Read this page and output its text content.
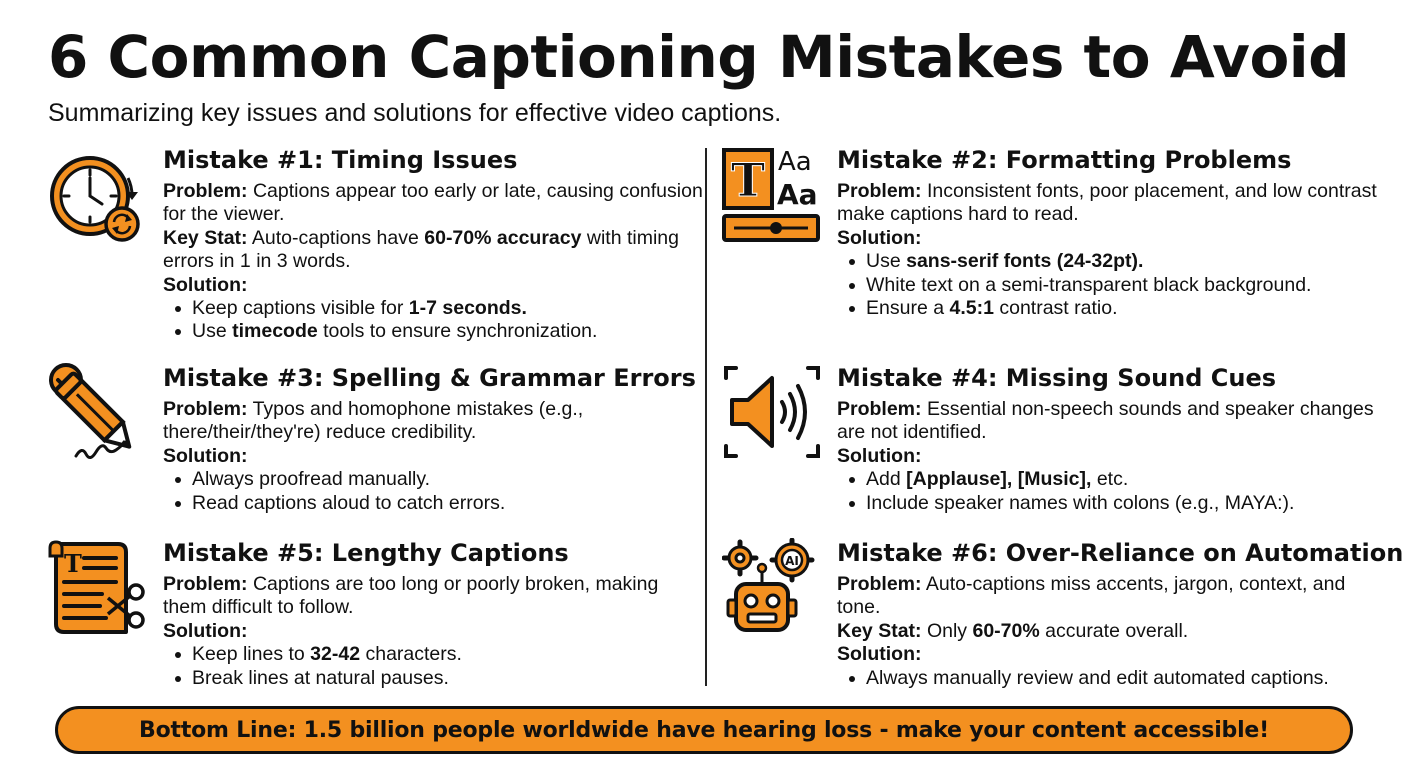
6 Common Captioning Mistakes to Avoid
Summarizing key issues and solutions for effective video captions.
Mistake #1: Timing Issues

Problem: Captions appear too early or late, causing confusion for the viewer.

Key Stat: Auto-captions have 60-70% accuracy with timing errors in 1 in 3 words.

Solution:

Keep captions visible for 1-7 seconds.
Use timecode tools to ensure synchronization.
T Aa
Aa
Mistake #2: Formatting Problems

Problem: Inconsistent fonts, poor placement, and low contrast make captions hard to read.

Solution:

Use sans-serif fonts (24-32pt).
White text on a semi-transparent black background.
Ensure a 4.5:1 contrast ratio.
Mistake #3: Spelling & Grammar Errors

Problem: Typos and homophone mistakes (e.g., there/their/they're) reduce credibility.

Solution:

Always proofread manually.
Read captions aloud to catch errors.
Mistake #4: Missing Sound Cues

Problem: Essential non-speech sounds and speaker changes are not identified.

Solution:

Add [Applause], [Music], etc.
Include speaker names with colons (e.g., MAYA:).
T	Mistake #5: Lengthy Captions

Problem: Captions are too long or poorly broken, making them difficult to follow.

Solution:

Keep lines to 32-42 characters.
Break lines at natural pauses.
AI Mistake #6: Over-Reliance on Automation

Problem: Auto-captions miss accents, jargon, context, and tone.

Key Stat: Only 60-70% accurate overall.

Solution:

Always manually review and edit automated captions.
Bottom Line: 1.5 billion people worldwide have hearing loss - make your content accessible!
